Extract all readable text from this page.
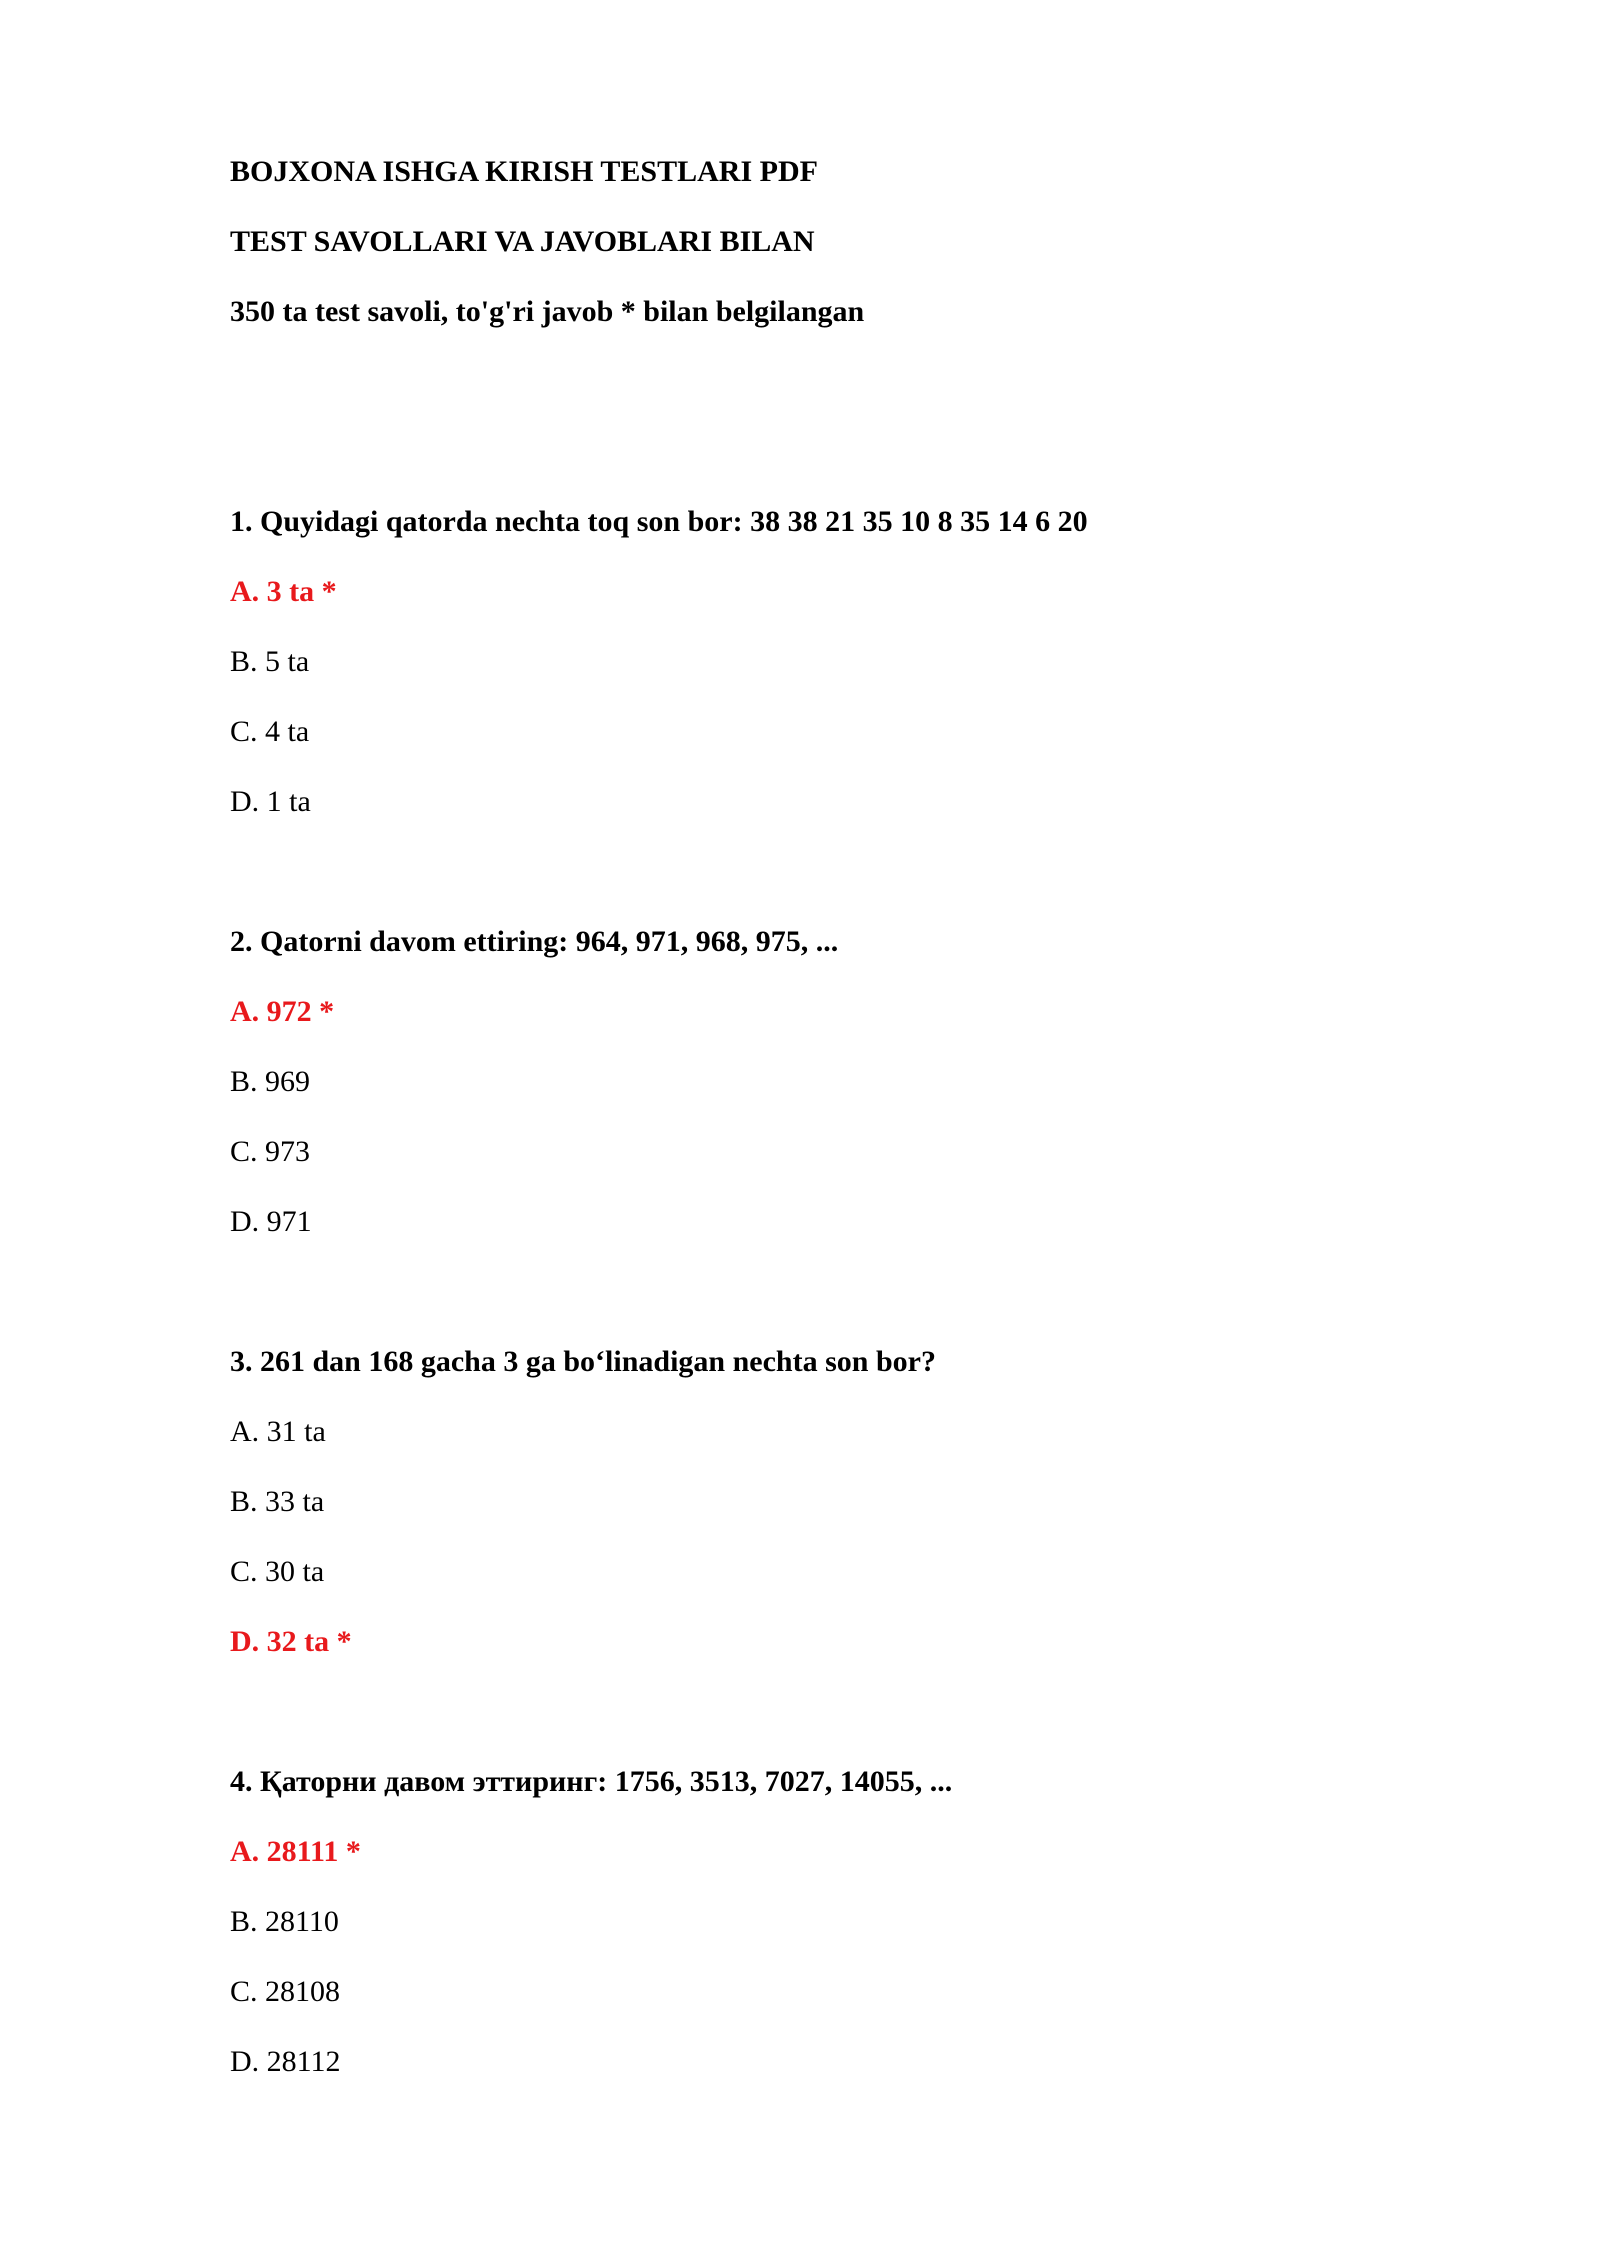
BOJXONA ISHGA KIRISH TESTLARI PDF
TEST SAVOLLARI VA JAVOBLARI BILAN
350 ta test savoli, to'g'ri javob * bilan belgilangan
1. Quyidagi qatorda nechta toq son bor: 38 38 21 35 10 8 35 14 6 20
A. 3 ta *
B. 5 ta
C. 4 ta
D. 1 ta
2. Qatorni davom ettiring: 964, 971, 968, 975, ...
A. 972 *
B. 969
C. 973
D. 971
3. 261 dan 168 gacha 3 ga bo‘linadigan nechta son bor?
A. 31 ta
B. 33 ta
C. 30 ta
D. 32 ta *
4. Қаторни давом эттиринг: 1756, 3513, 7027, 14055, ...
A. 28111 *
B. 28110
C. 28108
D. 28112
